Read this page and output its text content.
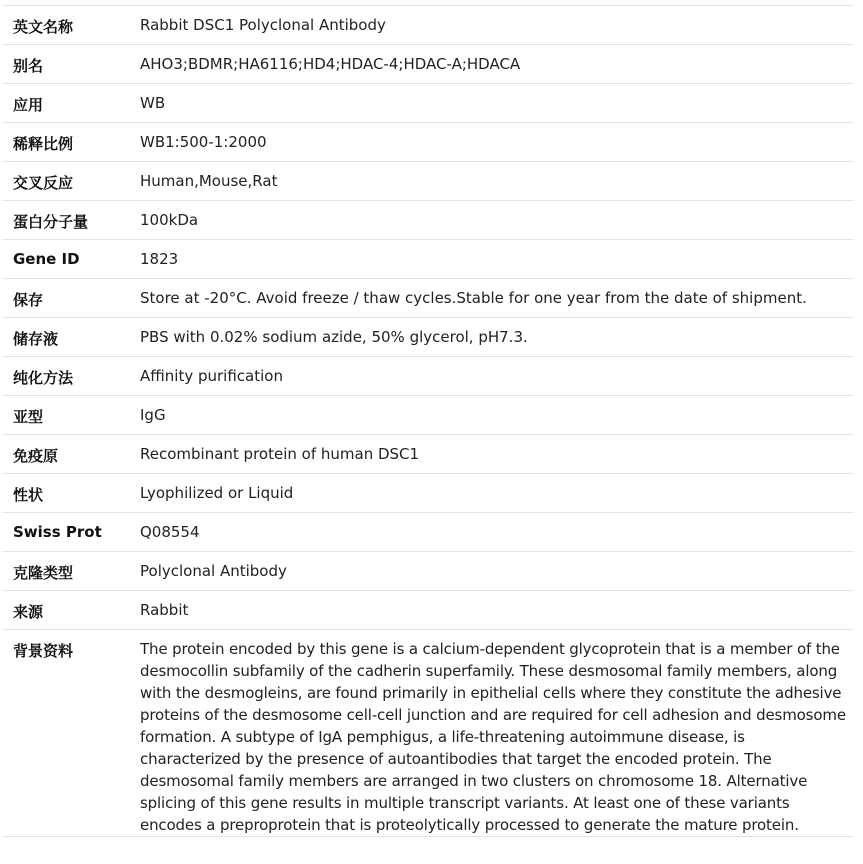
英文名称	Rabbit DSC1 Polyclonal Antibody
别名	AHO3;BDMR;HA6116;HD4;HDAC-4;HDAC-A;HDACA
应用	WB
稀释比例	WB1:500-1:2000
交叉反应	Human,Mouse,Rat
蛋白分子量	100kDa
Gene ID	1823
保存	Store at -20°C. Avoid freeze / thaw cycles.Stable for one year from the date of shipment.
储存液	PBS with 0.02% sodium azide, 50% glycerol, pH7.3.
纯化方法	Affinity purification
亚型	IgG
免疫原	Recombinant protein of human DSC1
性状	Lyophilized or Liquid
Swiss Prot	Q08554
克隆类型	Polyclonal Antibody
来源	Rabbit
背景资料	The protein encoded by this gene is a calcium-dependent glycoprotein that is a member of the desmocollin subfamily of the cadherin superfamily. These desmosomal family members, along with the desmogleins, are found primarily in epithelial cells where they constitute the adhesive proteins of the desmosome cell-cell junction and are required for cell adhesion and desmosome formation. A subtype of IgA pemphigus, a life-threatening autoimmune disease, is characterized by the presence of autoantibodies that target the encoded protein. The desmosomal family members are arranged in two clusters on chromosome 18. Alternative splicing of this gene results in multiple transcript variants. At least one of these variants encodes a preproprotein that is proteolytically processed to generate the mature protein.
